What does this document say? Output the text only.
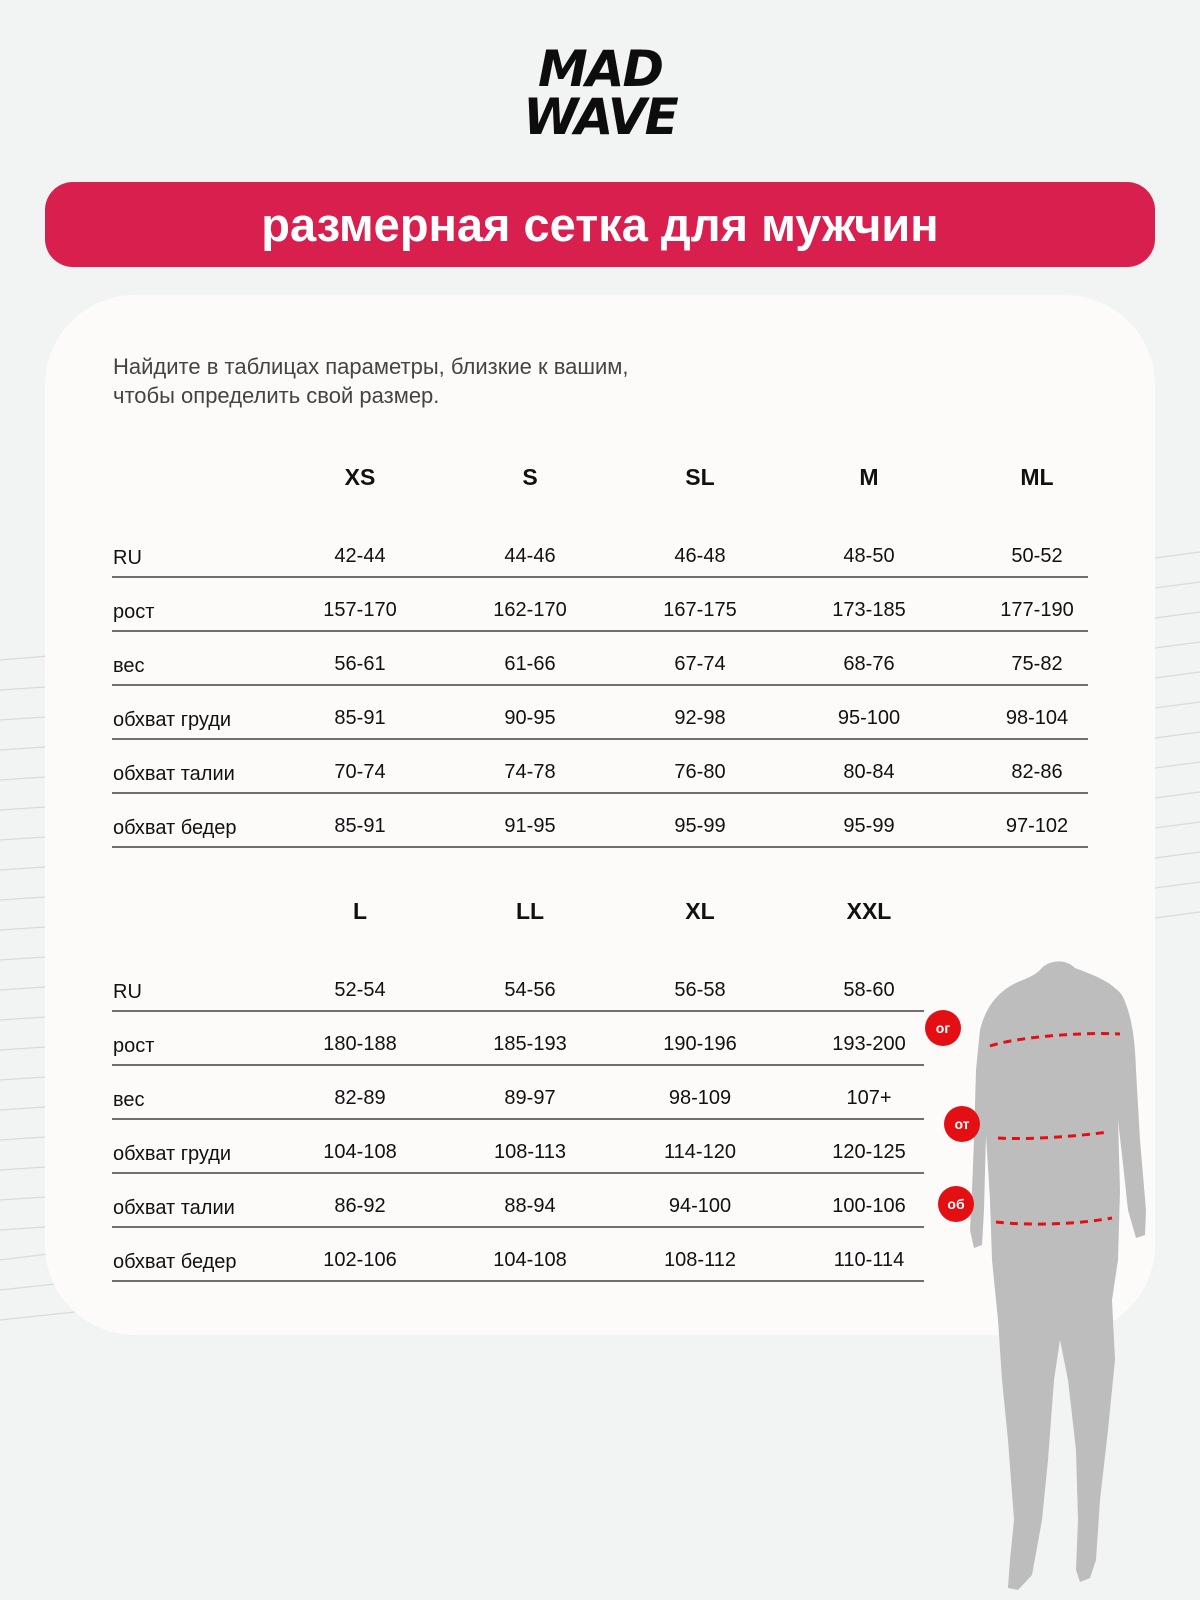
MAD
WAVE
размерная сетка для мужчин
Найдите в таблицах параметры, близкие к вашим,
чтобы определить свой размер.
XS	S	SL	M	ML
RU	42-44	44-46	46-48	48-50	50-52
рост	157-170	162-170	167-175	173-185	177-190
вес	56-61	61-66	67-74	68-76	75-82
обхват груди	85-91	90-95	92-98	95-100	98-104
обхват талии	70-74	74-78	76-80	80-84	82-86
обхват бедер	85-91	91-95	95-99	95-99	97-102
L	LL	XL	XXL
RU	52-54	54-56	56-58	58-60
рост	180-188	185-193	190-196	193-200
вес	82-89	89-97	98-109	107+
обхват груди	104-108	108-113	114-120	120-125
обхват талии	86-92	88-94	94-100	100-106
обхват бедер	102-106	104-108	108-112	110-114
ог
от
об
